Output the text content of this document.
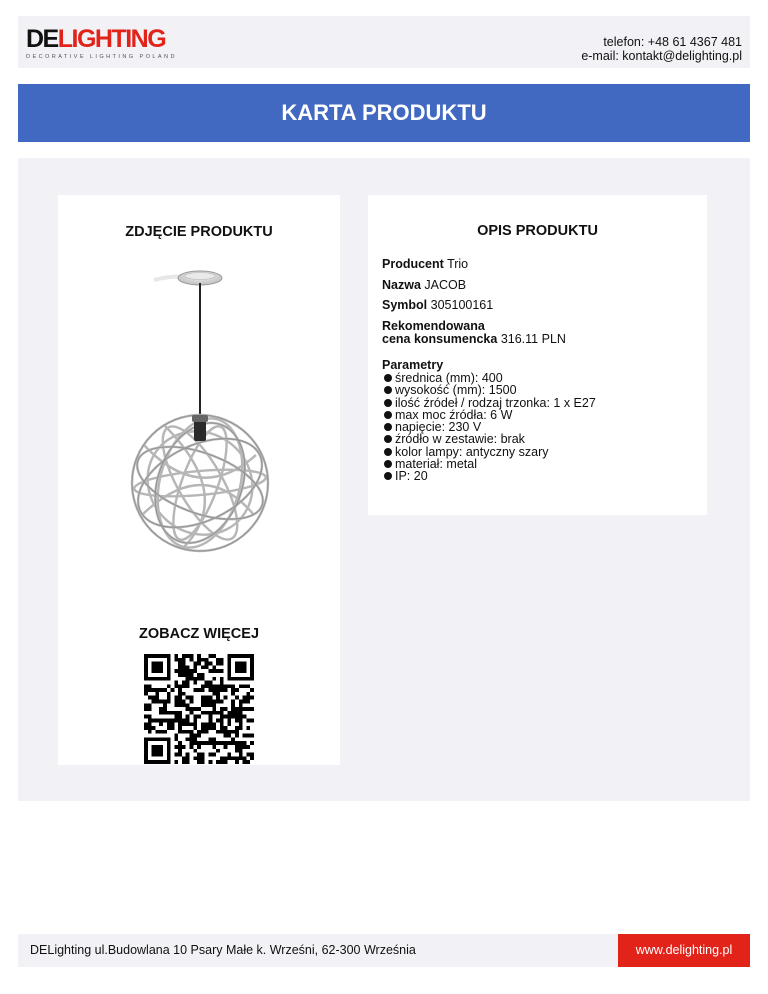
DELIGHTING
DECORATIVE LIGHTING POLAND
telefon: +48 61 4367 481
e-mail: kontakt@delighting.pl
KARTA PRODUKTU
ZDJĘCIE PRODUKTU
ZOBACZ WIĘCEJ
OPIS PRODUKTU
Producent Trio
Nazwa JACOB
Symbol 305100161
Rekomendowana
cena konsumencka 316.11 PLN
Parametry
średnica (mm): 400
wysokość (mm): 1500
ilość źródeł / rodzaj trzonka: 1 x E27
max moc źródła: 6 W
napięcie: 230 V
źródło w zestawie: brak
kolor lampy: antyczny szary
materiał: metal
IP: 20
DELighting ul.Budowlana 10 Psary Małe k. Wrześni, 62-300 Września	www.delighting.pl
